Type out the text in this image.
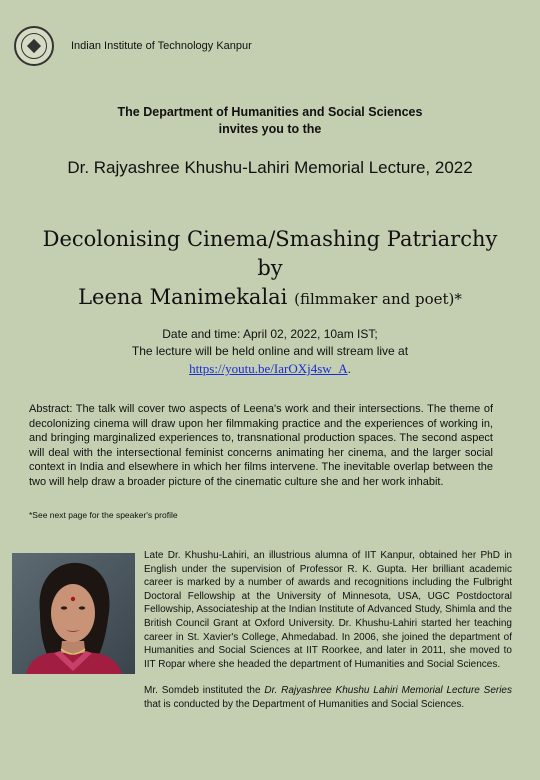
Indian Institute of Technology Kanpur
The Department of Humanities and Social Sciences
invites you to the
Dr. Rajyashree Khushu-Lahiri Memorial Lecture, 2022
Decolonising Cinema/Smashing Patriarchy
by
Leena Manimekalai (filmmaker and poet)*
Date and time: April 02, 2022, 10am IST;
The lecture will be held online and will stream live at
https://youtu.be/IarOXj4sw_A.
Abstract: The talk will cover two aspects of Leena's work and their intersections. The theme of decolonizing cinema will draw upon her filmmaking practice and the experiences of working in, and bringing marginalized experiences to, transnational production spaces. The second aspect will deal with the intersectional feminist concerns animating her cinema, and the larger social context in India and elsewhere in which her films intervene. The inevitable overlap between the two will help draw a broader picture of the cinematic culture she and her work inhabit.
*See next page for the speaker's profile

Late Dr. Khushu-Lahiri, an illustrious alumna of IIT Kanpur, obtained her PhD in English under the supervision of Professor R. K. Gupta. Her brilliant academic career is marked by a number of awards and recognitions including the Fulbright Doctoral Fellowship at the University of Minnesota, USA, UGC Postdoctoral Fellowship, Associateship at the Indian Institute of Advanced Study, Shimla and the British Council Grant at Oxford University. Dr. Khushu-Lahiri started her teaching career in St. Xavier's College, Ahmedabad. In 2006, she joined the department of Humanities and Social Sciences at IIT Roorkee, and later in 2011, she moved to IIT Ropar where she headed the department of Humanities and Social Sciences.

Mr. Somdeb instituted the Dr. Rajyashree Khushu Lahiri Memorial Lecture Series that is conducted by the Department of Humanities and Social Sciences.
